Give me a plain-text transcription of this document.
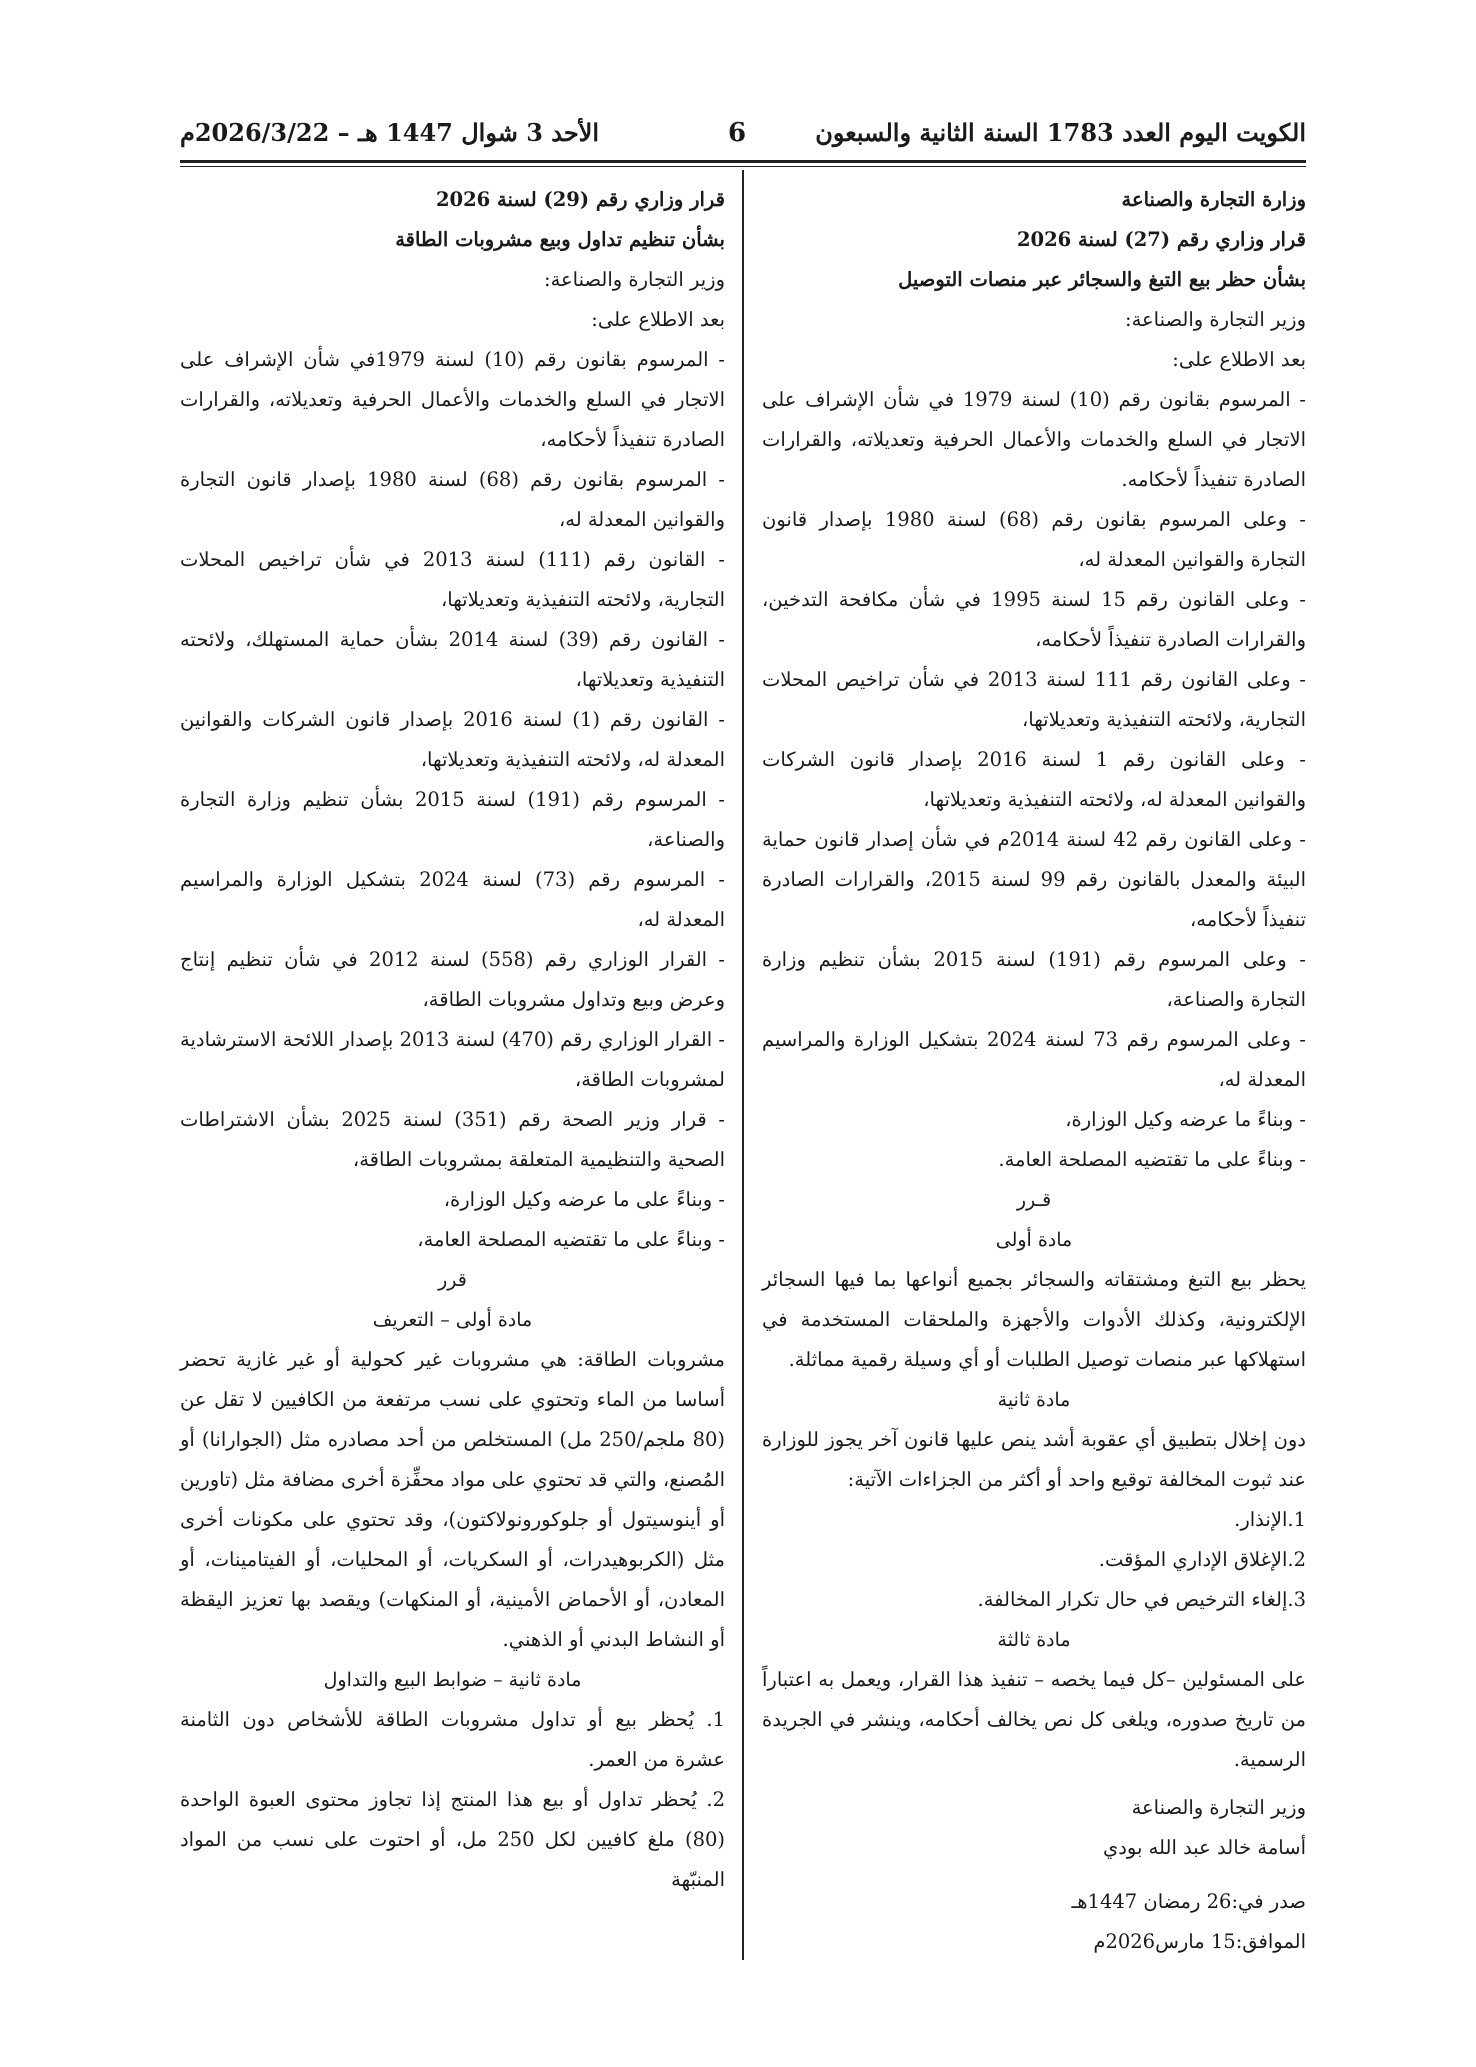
الكويت اليوم العدد 1783 السنة الثانية والسبعون
6
الأحد 3 شوال 1447 هـ – 2026/3/22م

وزارة التجارة والصناعة

قرار وزاري رقم (27) لسنة 2026

بشأن حظر بيع التبغ والسجائر عبر منصات التوصيل

وزير التجارة والصناعة:

بعد الاطلاع على:

- المرسوم بقانون رقم (10) لسنة 1979 في شأن الإشراف على الاتجار في السلع والخدمات والأعمال الحرفية وتعديلاته، والقرارات الصادرة تنفيذاً لأحكامه.

- وعلى المرسوم بقانون رقم (68) لسنة 1980 بإصدار قانون التجارة والقوانين المعدلة له،

- وعلى القانون رقم 15 لسنة 1995 في شأن مكافحة التدخين، والقرارات الصادرة تنفيذاً لأحكامه،

- وعلى القانون رقم 111 لسنة 2013 في شأن تراخيص المحلات التجارية، ولائحته التنفيذية وتعديلاتها،

- وعلى القانون رقم 1 لسنة 2016 بإصدار قانون الشركات والقوانين المعدلة له، ولائحته التنفيذية وتعديلاتها،

- وعلى القانون رقم 42 لسنة 2014م في شأن إصدار قانون حماية البيئة والمعدل بالقانون رقم 99 لسنة 2015، والقرارات الصادرة تنفيذاً لأحكامه،

- وعلى المرسوم رقم (191) لسنة 2015 بشأن تنظيم وزارة التجارة والصناعة،

- وعلى المرسوم رقم 73 لسنة 2024 بتشكيل الوزارة والمراسيم المعدلة له،

- وبناءً ما عرضه وكيل الوزارة،

- وبناءً على ما تقتضيه المصلحة العامة.

قـرر

مادة أولى

يحظر بيع التبغ ومشتقاته والسجائر بجميع أنواعها بما فيها السجائر الإلكترونية، وكذلك الأدوات والأجهزة والملحقات المستخدمة في استهلاكها عبر منصات توصيل الطلبات أو أي وسيلة رقمية مماثلة.

مادة ثانية

دون إخلال بتطبيق أي عقوبة أشد ينص عليها قانون آخر يجوز للوزارة عند ثبوت المخالفة توقيع واحد أو أكثر من الجزاءات الآتية:

1.الإنذار.

2.الإغلاق الإداري المؤقت.

3.إلغاء الترخيص في حال تكرار المخالفة.

مادة ثالثة

على المسئولين –كل فيما يخصه – تنفيذ هذا القرار، ويعمل به اعتباراً من تاريخ صدوره، ويلغى كل نص يخالف أحكامه، وينشر في الجريدة الرسمية.

وزير التجارة والصناعة

أسامة خالد عبد الله بودي

صدر في:26 رمضان 1447هـ

الموافق:15 مارس2026م

قرار وزاري رقم (29) لسنة 2026

بشأن تنظيم تداول وبيع مشروبات الطاقة

وزير التجارة والصناعة:

بعد الاطلاع على:

- المرسوم بقانون رقم (10) لسنة 1979في شأن الإشراف على الاتجار في السلع والخدمات والأعمال الحرفية وتعديلاته، والقرارات الصادرة تنفيذاً لأحكامه،

- المرسوم بقانون رقم (68) لسنة 1980 بإصدار قانون التجارة والقوانين المعدلة له،

- القانون رقم (111) لسنة 2013 في شأن تراخيص المحلات التجارية، ولائحته التنفيذية وتعديلاتها،

- القانون رقم (39) لسنة 2014 بشأن حماية المستهلك، ولائحته التنفيذية وتعديلاتها،

- القانون رقم (1) لسنة 2016 بإصدار قانون الشركات والقوانين المعدلة له، ولائحته التنفيذية وتعديلاتها،

- المرسوم رقم (191) لسنة 2015 بشأن تنظيم وزارة التجارة والصناعة،

- المرسوم رقم (73) لسنة 2024 بتشكيل الوزارة والمراسيم المعدلة له،

- القرار الوزاري رقم (558) لسنة 2012 في شأن تنظيم إنتاج وعرض وبيع وتداول مشروبات الطاقة،

- القرار الوزاري رقم (470) لسنة 2013 بإصدار اللائحة الاسترشادية لمشروبات الطاقة،

- قرار وزير الصحة رقم (351) لسنة 2025 بشأن الاشتراطات الصحية والتنظيمية المتعلقة بمشروبات الطاقة،

- وبناءً على ما عرضه وكيل الوزارة،

- وبناءً على ما تقتضيه المصلحة العامة،

قرر

مادة أولى – التعريف

مشروبات الطاقة: هي مشروبات غير كحولية أو غير غازية تحضر أساسا من الماء وتحتوي على نسب مرتفعة من الكافيين لا تقل عن (80 ملجم/250 مل) المستخلص من أحد مصادره مثل (الجوارانا) أو المُصنع، والتي قد تحتوي على مواد محفِّزة أخرى مضافة مثل (تاورين أو أينوسيتول أو جلوكورونولاكتون)، وقد تحتوي على مكونات أخرى مثل (الكربوهيدرات، أو السكريات، أو المحليات، أو الفيتامينات، أو المعادن، أو الأحماض الأمينية، أو المنكهات) ويقصد بها تعزيز اليقظة أو النشاط البدني أو الذهني.

مادة ثانية – ضوابط البيع والتداول

1. يُحظر بيع أو تداول مشروبات الطاقة للأشخاص دون الثامنة عشرة من العمر.

2. يُحظر تداول أو بيع هذا المنتج إذا تجاوز محتوى العبوة الواحدة (80) ملغ كافيين لكل 250 مل، أو احتوت على نسب من المواد المنبّهة
